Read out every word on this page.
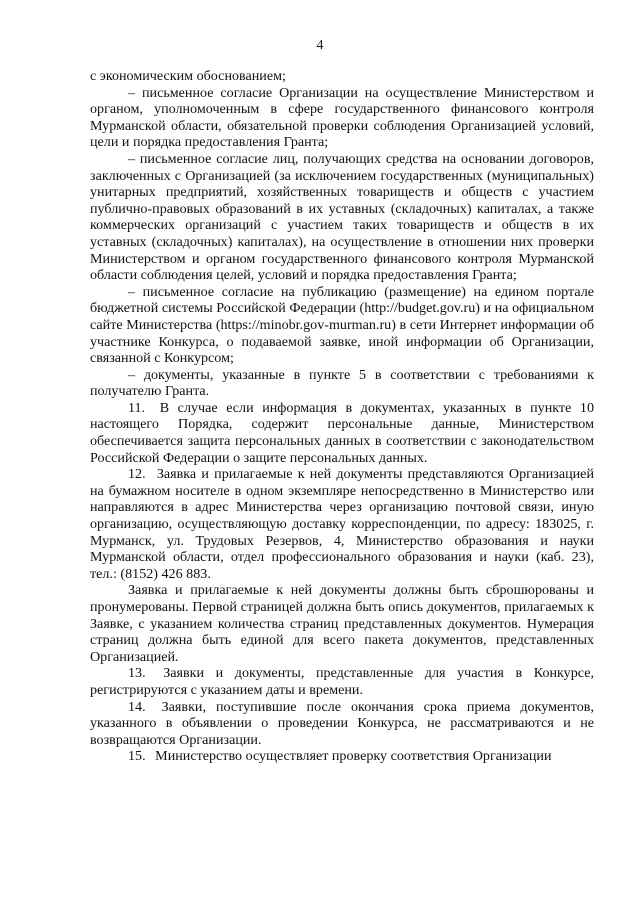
4

с экономическим обоснованием;

– письменное согласие Организации на осуществление Министерством и органом, уполномоченным в сфере государственного финансового контроля Мурманской области, обязательной проверки соблюдения Организацией условий, цели и порядка предоставления Гранта;

– письменное согласие лиц, получающих средства на основании договоров, заключенных с Организацией (за исключением государственных (муниципальных) унитарных предприятий, хозяйственных товариществ и обществ с участием публично-правовых образований в их уставных (складочных) капиталах, а также коммерческих организаций с участием таких товариществ и обществ в их уставных (складочных) капиталах), на осуществление в отношении них проверки Министерством и органом государственного финансового контроля Мурманской области соблюдения целей, условий и порядка предоставления Гранта;

– письменное согласие на публикацию (размещение) на едином портале бюджетной системы Российской Федерации (http://budget.gov.ru) и на официальном сайте Министерства (https://minobr.gov-murman.ru) в сети Интернет информации об участнике Конкурса, о подаваемой заявке, иной информации об Организации, связанной с Конкурсом;

– документы, указанные в пункте 5 в соответствии с требованиями к получателю Гранта.

11. В случае если информация в документах, указанных в пункте 10 настоящего Порядка, содержит персональные данные, Министерством обеспечивается защита персональных данных в соответствии с законодательством Российской Федерации о защите персональных данных.

12. Заявка и прилагаемые к ней документы представляются Организацией на бумажном носителе в одном экземпляре непосредственно в Министерство или направляются в адрес Министерства через организацию почтовой связи, иную организацию, осуществляющую доставку корреспонденции, по адресу: 183025, г. Мурманск, ул. Трудовых Резервов, 4, Министерство образования и науки Мурманской области, отдел профессионального образования и науки (каб. 23), тел.: (8152) 426 883.

Заявка и прилагаемые к ней документы должны быть сброшюрованы и пронумерованы. Первой страницей должна быть опись документов, прилагаемых к Заявке, с указанием количества страниц представленных документов. Нумерация страниц должна быть единой для всего пакета документов, представленных Организацией.

13. Заявки и документы, представленные для участия в Конкурсе, регистрируются с указанием даты и времени.

14. Заявки, поступившие после окончания срока приема документов, указанного в объявлении о проведении Конкурса, не рассматриваются и не возвращаются Организации.

15. Министерство осуществляет проверку соответствия Организации
